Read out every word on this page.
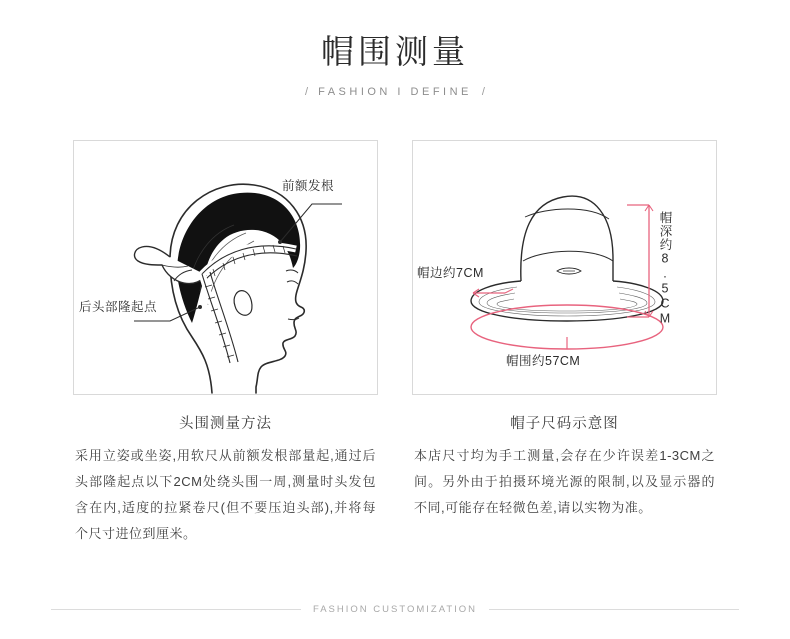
帽围测量
/ FASHION I DEFINE /
前额发根
后头部隆起点
头围测量方法
采用立姿或坐姿,用软尺从前额发根部量起,通过后头部隆起点以下2CM处绕头围一周,测量时头发包含在内,适度的拉紧卷尺(但不要压迫头部),并将每个尺寸进位到厘米。
帽边约7CM	帽深约8.5CM
帽围约57CM
帽子尺码示意图
本店尺寸均为手工测量,会存在少许误差1-3CM之间。另外由于拍摄环境光源的限制,以及显示器的不同,可能存在轻微色差,请以实物为准。
FASHION CUSTOMIZATION
